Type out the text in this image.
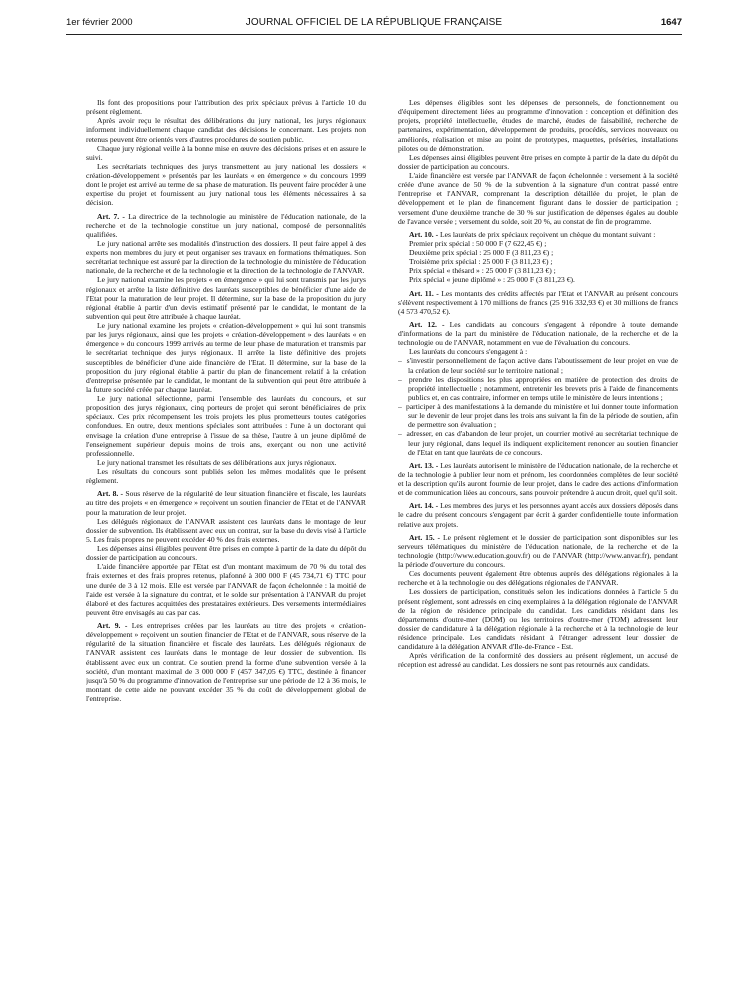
1er février 2000	JOURNAL OFFICIEL DE LA RÉPUBLIQUE FRANÇAISE	1647

Ils font des propositions pour l'attribution des prix spéciaux prévus à l'article 10 du présent règlement.

Après avoir reçu le résultat des délibérations du jury national, les jurys régionaux informent individuellement chaque candidat des décisions le concernant. Les projets non retenus peuvent être orientés vers d'autres procédures de soutien public.

Chaque jury régional veille à la bonne mise en œuvre des décisions prises et en assure le suivi.

Les secrétariats techniques des jurys transmettent au jury national les dossiers « création-développement » présentés par les lauréats « en émergence » du concours 1999 dont le projet est arrivé au terme de sa phase de maturation. Ils peuvent faire procéder à une expertise du projet et fournissent au jury national tous les éléments nécessaires à sa décision.

Art. 7. - La directrice de la technologie au ministère de l'éducation nationale, de la recherche et de la technologie constitue un jury national, composé de personnalités qualifiées.

Le jury national arrête ses modalités d'instruction des dossiers. Il peut faire appel à des experts non membres du jury et peut organiser ses travaux en formations thématiques. Son secrétariat technique est assuré par la direction de la technologie du ministère de l'éducation nationale, de la recherche et de la technologie et la direction de la technologie de l'ANVAR.

Le jury national examine les projets « en émergence » qui lui sont transmis par les jurys régionaux et arrête la liste définitive des lauréats susceptibles de bénéficier d'une aide de l'Etat pour la maturation de leur projet. Il détermine, sur la base de la proposition du jury régional établie à partir d'un devis estimatif présenté par le candidat, le montant de la subvention qui peut être attribuée à chaque lauréat.

Le jury national examine les projets « création-développement » qui lui sont transmis par les jurys régionaux, ainsi que les projets « création-développement » des lauréats « en émergence » du concours 1999 arrivés au terme de leur phase de maturation et transmis par le secrétariat technique des jurys régionaux. Il arrête la liste définitive des projets susceptibles de bénéficier d'une aide financière de l'Etat. Il détermine, sur la base de la proposition du jury régional établie à partir du plan de financement relatif à la création d'entreprise présentée par le candidat, le montant de la subvention qui peut être attribuée à la future société créée par chaque lauréat.

Le jury national sélectionne, parmi l'ensemble des lauréats du concours, et sur proposition des jurys régionaux, cinq porteurs de projet qui seront bénéficiaires de prix spéciaux. Ces prix récompensent les trois projets les plus prometteurs toutes catégories confondues. En outre, deux mentions spéciales sont attribuées : l'une à un doctorant qui envisage la création d'une entreprise à l'issue de sa thèse, l'autre à un jeune diplômé de l'enseignement supérieur depuis moins de trois ans, exerçant ou non une activité professionnelle.

Le jury national transmet les résultats de ses délibérations aux jurys régionaux.

Les résultats du concours sont publiés selon les mêmes modalités que le présent règlement.

Art. 8. - Sous réserve de la régularité de leur situation financière et fiscale, les lauréats au titre des projets « en émergence » reçoivent un soutien financier de l'Etat et de l'ANVAR pour la maturation de leur projet.

Les délégués régionaux de l'ANVAR assistent ces lauréats dans le montage de leur dossier de subvention. Ils établissent avec eux un contrat, sur la base du devis visé à l'article 5. Les frais propres ne peuvent excéder 40 % des frais externes.

Les dépenses ainsi éligibles peuvent être prises en compte à partir de la date du dépôt du dossier de participation au concours.

L'aide financière apportée par l'Etat est d'un montant maximum de 70 % du total des frais externes et des frais propres retenus, plafonné à 300 000 F (45 734,71 €) TTC pour une durée de 3 à 12 mois. Elle est versée par l'ANVAR de façon échelonnée : la moitié de l'aide est versée à la signature du contrat, et le solde sur présentation à l'ANVAR du projet élaboré et des factures acquittées des prestataires extérieurs. Des versements intermédiaires peuvent être envisagés au cas par cas.

Art. 9. - Les entreprises créées par les lauréats au titre des projets « création-développement » reçoivent un soutien financier de l'Etat et de l'ANVAR, sous réserve de la régularité de la situation financière et fiscale des lauréats. Les délégués régionaux de l'ANVAR assistent ces lauréats dans le montage de leur dossier de subvention. Ils établissent avec eux un contrat. Ce soutien prend la forme d'une subvention versée à la société, d'un montant maximal de 3 000 000 F (457 347,05 €) TTC, destinée à financer jusqu'à 50 % du programme d'innovation de l'entreprise sur une période de 12 à 36 mois, le montant de cette aide ne pouvant excéder 35 % du coût de développement global de l'entreprise.

Les dépenses éligibles sont les dépenses de personnels, de fonctionnement ou d'équipement directement liées au programme d'innovation : conception et définition des projets, propriété intellectuelle, études de marché, études de faisabilité, recherche de partenaires, expérimentation, développement de produits, procédés, services nouveaux ou améliorés, réalisation et mise au point de prototypes, maquettes, préséries, installations pilotes ou de démonstration.

Les dépenses ainsi éligibles peuvent être prises en compte à partir de la date du dépôt du dossier de participation au concours.

L'aide financière est versée par l'ANVAR de façon échelonnée : versement à la société créée d'une avance de 50 % de la subvention à la signature d'un contrat passé entre l'entreprise et l'ANVAR, comprenant la description détaillée du projet, le plan de développement et le plan de financement figurant dans le dossier de participation ; versement d'une deuxième tranche de 30 % sur justification de dépenses égales au double de l'avance versée ; versement du solde, soit 20 %, au constat de fin de programme.

Art. 10. - Les lauréats de prix spéciaux reçoivent un chèque du montant suivant :

Premier prix spécial : 50 000 F (7 622,45 €) ;
Deuxième prix spécial : 25 000 F (3 811,23 €) ;
Troisième prix spécial : 25 000 F (3 811,23 €) ;
Prix spécial « thésard » : 25 000 F (3 811,23 €) ;
Prix spécial « jeune diplômé » : 25 000 F (3 811,23 €).

Art. 11. - Les montants des crédits affectés par l'Etat et l'ANVAR au présent concours s'élèvent respectivement à 170 millions de francs (25 916 332,93 €) et 30 millions de francs (4 573 470,52 €).

Art. 12. - Les candidats au concours s'engagent à répondre à toute demande d'informations de la part du ministère de l'éducation nationale, de la recherche et de la technologie ou de l'ANVAR, notamment en vue de l'évaluation du concours.

Les lauréats du concours s'engagent à :

–  s'investir personnellement de façon active dans l'aboutissement de leur projet en vue de la création de leur société sur le territoire national ;
–  prendre les dispositions les plus appropriées en matière de protection des droits de propriété intellectuelle ; notamment, entretenir les brevets pris à l'aide de financements publics et, en cas contraire, informer en temps utile le ministère de leurs intentions ;
–  participer à des manifestations à la demande du ministère et lui donner toute information sur le devenir de leur projet dans les trois ans suivant la fin de la période de soutien, afin de permettre son évaluation ;
–  adresser, en cas d'abandon de leur projet, un courrier motivé au secrétariat technique de leur jury régional, dans lequel ils indiquent explicitement renoncer au soutien financier de l'Etat en tant que lauréats de ce concours.

Art. 13. - Les lauréats autorisent le ministère de l'éducation nationale, de la recherche et de la technologie à publier leur nom et prénom, les coordonnées complètes de leur société et la description qu'ils auront fournie de leur projet, dans le cadre des actions d'information et de communication liées au concours, sans pouvoir prétendre à aucun droit, quel qu'il soit.

Art. 14. - Les membres des jurys et les personnes ayant accès aux dossiers déposés dans le cadre du présent concours s'engagent par écrit à garder confidentielle toute information relative aux projets.

Art. 15. - Le présent règlement et le dossier de participation sont disponibles sur les serveurs télématiques du ministère de l'éducation nationale, de la recherche et de la technologie (http://www.education.gouv.fr) ou de l'ANVAR (http://www.anvar.fr), pendant la période d'ouverture du concours.

Ces documents peuvent également être obtenus auprès des délégations régionales à la recherche et à la technologie ou des délégations régionales de l'ANVAR.

Les dossiers de participation, constitués selon les indications données à l'article 5 du présent règlement, sont adressés en cinq exemplaires à la délégation régionale de l'ANVAR de la région de résidence principale du candidat. Les candidats résidant dans les départements d'outre-mer (DOM) ou les territoires d'outre-mer (TOM) adressent leur dossier de candidature à la délégation régionale à la recherche et à la technologie de leur résidence principale. Les candidats résidant à l'étranger adressent leur dossier de candidature à la délégation ANVAR d'Ile-de-France - Est.

Après vérification de la conformité des dossiers au présent règlement, un accusé de réception est adressé au candidat. Les dossiers ne sont pas retournés aux candidats.
